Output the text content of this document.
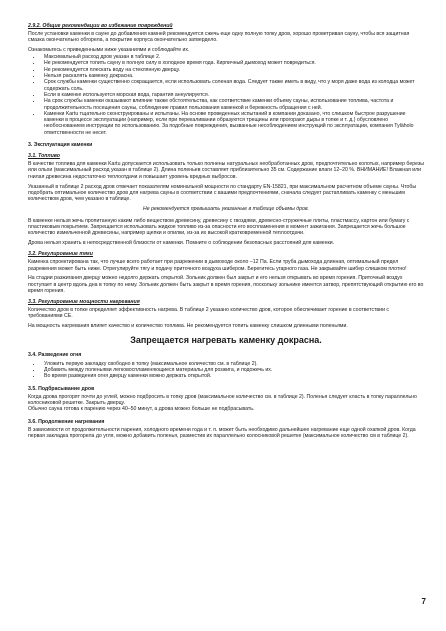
2.9.2. Общие рекомендации во избежание повреждений

После установки каменки в сауне до добавления камней рекомендуется сжечь еще одну полную топку дров, хорошо проветривая сауну, чтобы вся защитная смазка окончательно обгорела, а покрытие корпуса окончательно затвердело.

Ознакомьтесь с приведенными ниже указаниями и соблюдайте их.

• Максимальный расход дров указан в таблице 2.
• Не рекомендуется топить сауну в полную силу в холодное время года. Кирпичный дымоход может повредиться.
• Не рекомендуется плескать воду на стеклянную дверцу.
• Нельзя раскалять каменку докрасна.
• Срок службы каменки существенно сокращается, если использовать соленая вода. Следует также иметь в виду, что у моря даже вода из колодца может содержать соль.
• Если в каменке используется морская вода, гарантия аннулируется.
• На срок службы каменки оказывают влияние также обстоятельства, как соответствие каменки объему сауны, использование топлива, частота и продолжительность посещения сауны, соблюдение правил пользования каменкой и бережность обращения с ней.
• Каменки Kartu тщательно сконструированы и испытаны. На основе проведенных испытаний в компании доказано, что слишком быстрое разрушение каменки в процессе эксплуатации (например, если при перекаливании образуются трещины или прогорают дыры в топке и т. д.) обусловлено необоснованием инструкции по использованию. За подобные повреждения, вызванные несоблюдением инструкций по эксплуатации, компания Tyläholo ответственности не несет.
3. Эксплуатация каменки
3.1. Топливо

В качестве топлива для каменки Kartu допускается использовать только полнены натуральных необработанных дров, предпочтительно колотых, например березы или ольхи (максимальный расход указан в таблице 2). Длина поленьев составляет приблизительно 35 см. Содержание влаги 12–20 %. ВНИМАНИЕ! Влажная или гнилая древесина недостаточно теплоотдачи и повышает уровень вредных выбросов.

Указанный в таблице 2 расход дров отвечает показателям номинальной мощности по стандарту EN-15821, при максимальном расчетном объеме сауны. Чтобы подобрать оптимальное количество дров для нагрева сауны в соответствии с вашими предпочтениями, сначала следует растапливать каменку с меньшим количеством дров, чем указано в таблице.

Не рекомендуется превышать указанные в таблице объемы дров.

В каменке нельзя жечь пропитанную каким либо веществом древесину, древесину с гвоздями, древесно-стружечные плиты, пластмассу, картон или бумагу с пластиковым покрытием. Запрещается использовать жидкое топливо из-за опасности его воспламенения в момент зажигания. Запрещается жечь большое количество измельченной древесины, например щепки и опилки, из-за их высокой кратковременной теплоотдачи.

Дрова нельзя хранить в непосредственной близости от каменки. Помните о соблюдении безопасных расстояний для каменки.

3.2. Регулирование тяги

Каменка спроектирована так, что лучше всего работает при разрежении в дымоходе около –12 Па. Если труба дымохода длинная, оптимальный предел разрежения может быть ниже. Отрегулируйте тягу и подачу приточного воздуха шибером. Берегитесь угарного газа. Не закрывайте шибер слишком плотно!

На стадии разжигания дверцу можно недолго держать открытой. Зольник должен был закрыт и его нельзя открывать во время горения. Приточный воздух поступает в центр вдоль дна в топку по нему. Зольник должен быть закрыт в время горения, поскольку зольнике имеется затвор, препятствующий открытию его во время горения.

3.3. Регулирование мощности нагревания

Количество дров в топке определяет эффективность нагрева. В таблице 2 указано количество дров, которое обеспечивает горение в соответствии с требованиями CE.

На мощность нагревания влияет качество и количество топлива. Не рекомендуется топить каменку слишком длинными поленьями.

Запрещается нагревать каменку докрасна.
3.4. Разведение огня
• Уложить первую закладку свободно в топку (максимальное количество см. в таблице 2).
• Добавить между поленьями легковоспламеняющиеся материалы для розжига, и подожечь их.
• Во время разведения огня дверцу каменки можно держать открытой.
3.5. Подбрасывание дров

Когда дрова прогорят почти до углей, можно подбросить в топку дров (максимальное количество см. в таблице 2). Поленья следует класть в топку параллельно колосниковой решетке. Закрыть дверцу.

Обычно сауна готова к парению через 40–50 минут, а дрова можно больше не подбрасывать.

3.6. Продолжение нагревания

В зависимости от продолжительности парения, холодного времени года и т. п. может быть необходимо дальнейшее нагревание еще одной охапкой дров. Когда первая закладка прогорела до угля, можно добавить поленья, разместив их параллельно колосниковой решетке (максимальное количество см в таблице 2).

7
